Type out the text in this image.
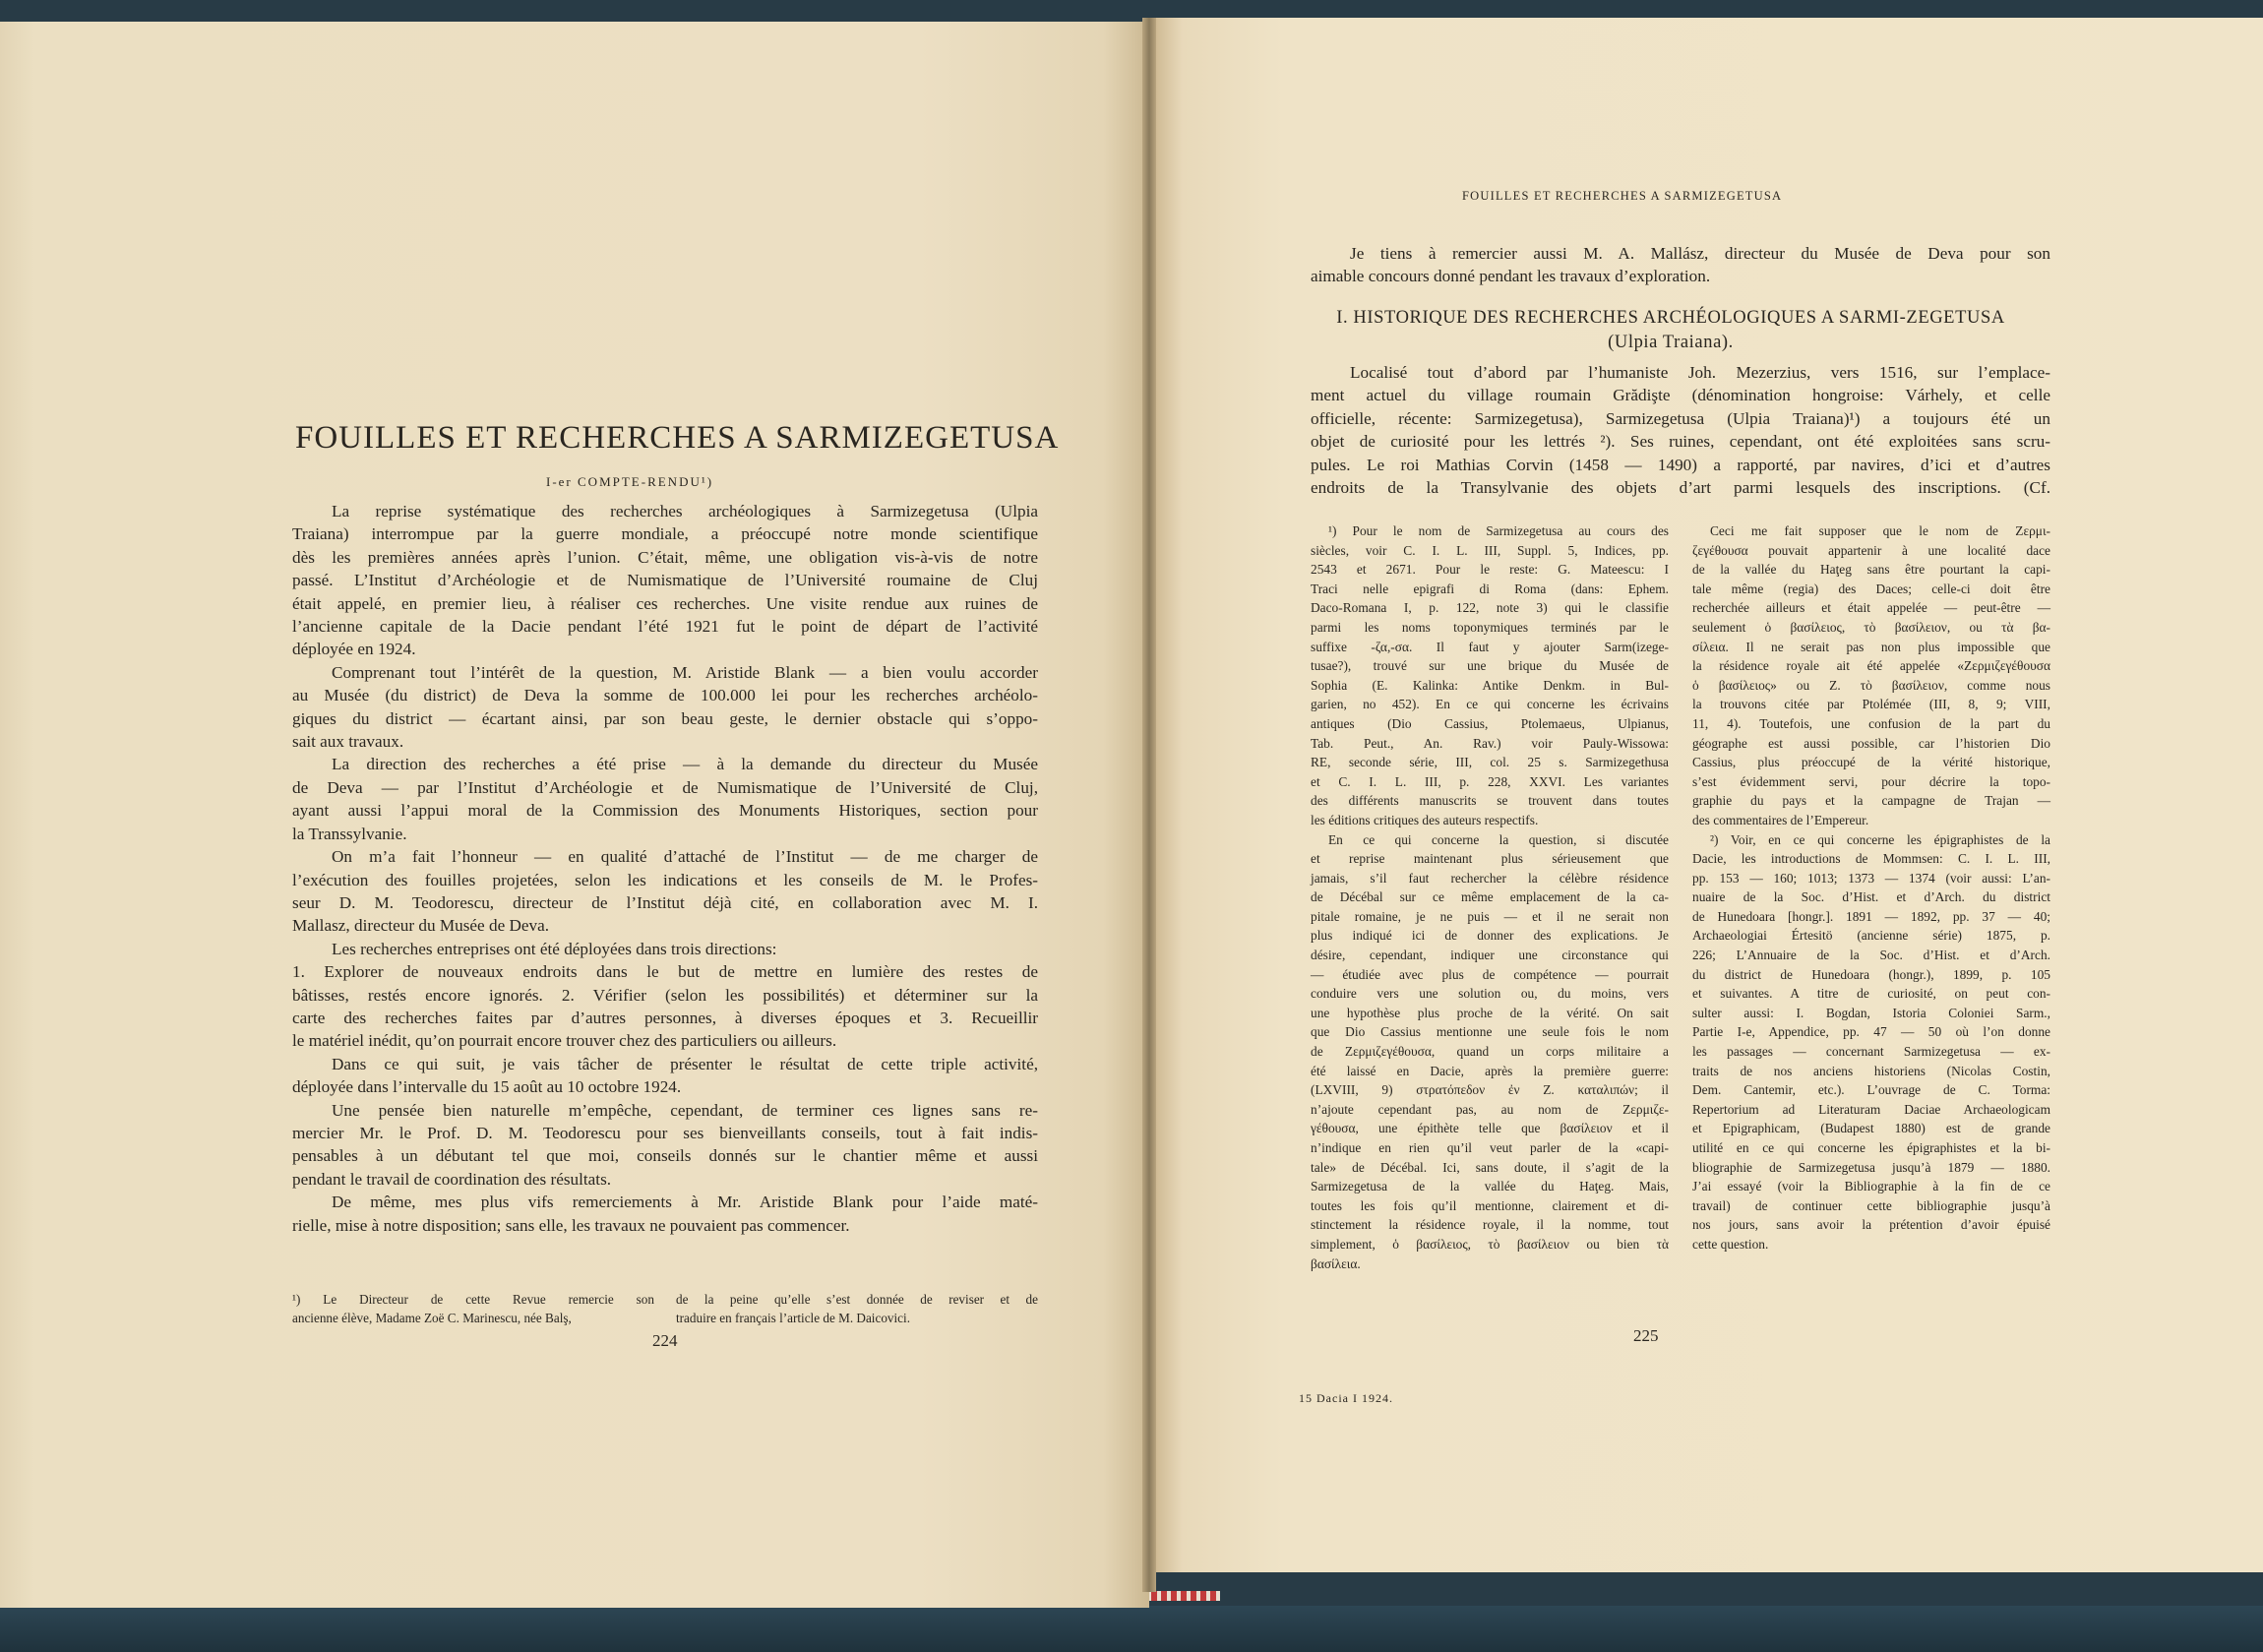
FOUILLES ET RECHERCHES A SARMIZEGETUSA
I-er COMPTE-RENDU¹)

La reprise systématique des recherches archéologiques à Sarmizegetusa (Ulpia
Traiana) interrompue par la guerre mondiale, a préoccupé notre monde scientifique
dès les premières années après l’union. C’était, même, une obligation vis-à-vis de notre
passé. L’Institut d’Archéologie et de Numismatique de l’Université roumaine de Cluj
était appelé, en premier lieu, à réaliser ces recherches. Une visite rendue aux ruines de
l’ancienne capitale de la Dacie pendant l’été 1921 fut le point de départ de l’activité
déployée en 1924.
Comprenant tout l’intérêt de la question, M. Aristide Blank — a bien voulu accorder
au Musée (du district) de Deva la somme de 100.000 lei pour les recherches archéolo-
giques du district — écartant ainsi, par son beau geste, le dernier obstacle qui s’oppo-
sait aux travaux.
La direction des recherches a été prise — à la demande du directeur du Musée
de Deva — par l’Institut d’Archéologie et de Numismatique de l’Université de Cluj,
ayant aussi l’appui moral de la Commission des Monuments Historiques, section pour
la Transsylvanie.
On m’a fait l’honneur — en qualité d’attaché de l’Institut — de me charger de
l’exécution des fouilles projetées, selon les indications et les conseils de M. le Profes-
seur D. M. Teodorescu, directeur de l’Institut déjà cité, en collaboration avec M. I.
Mallasz, directeur du Musée de Deva.
Les recherches entreprises ont été déployées dans trois directions:
1. Explorer de nouveaux endroits dans le but de mettre en lumière des restes de
bâtisses, restés encore ignorés. 2. Vérifier (selon les possibilités) et déterminer sur la
carte des recherches faites par d’autres personnes, à diverses époques et 3. Recueillir
le matériel inédit, qu’on pourrait encore trouver chez des particuliers ou ailleurs.
Dans ce qui suit, je vais tâcher de présenter le résultat de cette triple activité,
déployée dans l’intervalle du 15 août au 10 octobre 1924.
Une pensée bien naturelle m’empêche, cependant, de terminer ces lignes sans re-
mercier Mr. le Prof. D. M. Teodorescu pour ses bienveillants conseils, tout à fait indis-
pensables à un débutant tel que moi, conseils donnés sur le chantier même et aussi
pendant le travail de coordination des résultats.
De même, mes plus vifs remerciements à Mr. Aristide Blank pour l’aide maté-
rielle, mise à notre disposition; sans elle, les travaux ne pouvaient pas commencer.

¹) Le Directeur de cette Revue remercie son
ancienne élève, Madame Zoë C. Marinescu, née Balş,
de la peine qu’elle s’est donnée de reviser et de
traduire en français l’article de M. Daicovici.
224
FOUILLES ET RECHERCHES A SARMIZEGETUSA

Je tiens à remercier aussi M. A. Mallász, directeur du Musée de Deva pour son
aimable concours donné pendant les travaux d’exploration.

I. HISTORIQUE DES RECHERCHES ARCHÉOLOGIQUES A SARMI-ZEGETUSA (Ulpia Traiana).

Localisé tout d’abord par l’humaniste Joh. Mezerzius, vers 1516, sur l’emplace-
ment actuel du village roumain Grădişte (dénomination hongroise: Várhely, et celle
officielle, récente: Sarmizegetusa), Sarmizegetusa (Ulpia Traiana)¹) a toujours été un
objet de curiosité pour les lettrés ²). Ses ruines, cependant, ont été exploitées sans scru-
pules. Le roi Mathias Corvin (1458 — 1490) a rapporté, par navires, d’ici et d’autres
endroits de la Transylvanie des objets d’art parmi lesquels des inscriptions. (Cf.

¹) Pour le nom de Sarmizegetusa au cours des
siècles, voir C. I. L. III, Suppl. 5, Indices, pp.
2543 et 2671. Pour le reste: G. Mateescu: I
Traci nelle epigrafi di Roma (dans: Ephem.
Daco-Romana I, p. 122, note 3) qui le classifie
parmi les noms toponymiques terminés par le
suffixe -ζα,-σα. Il faut y ajouter Sarm(izege-
tusae?), trouvé sur une brique du Musée de
Sophia (E. Kalinka: Antike Denkm. in Bul-
garien, no 452). En ce qui concerne les écrivains
antiques (Dio Cassius, Ptolemaeus, Ulpianus,
Tab. Peut., An. Rav.) voir Pauly-Wissowa:
RE, seconde série, III, col. 25 s. Sarmizegethusa
et C. I. L. III, p. 228, XXVI. Les variantes
des différents manuscrits se trouvent dans toutes
les éditions critiques des auteurs respectifs.
En ce qui concerne la question, si discutée
et reprise maintenant plus sérieusement que
jamais, s’il faut rechercher la célèbre résidence
de Décébal sur ce même emplacement de la ca-
pitale romaine, je ne puis — et il ne serait non
plus indiqué ici de donner des explications. Je
désire, cependant, indiquer une circonstance qui
— étudiée avec plus de compétence — pourrait
conduire vers une solution ou, du moins, vers
une hypothèse plus proche de la vérité. On sait
que Dio Cassius mentionne une seule fois le nom
de Ζερμιζεγέθουσα, quand un corps militaire a
été laissé en Dacie, après la première guerre:
(LXVIII, 9) στρατόπεδον ἐν Ζ. καταλιπών; il
n’ajoute cependant pas, au nom de Ζερμιζε-
γέθουσα, une épithète telle que βασίλειον et il
n’indique en rien qu’il veut parler de la «capi-
tale» de Décébal. Ici, sans doute, il s’agit de la
Sarmizegetusa de la vallée du Haţeg. Mais,
toutes les fois qu’il mentionne, clairement et di-
stinctement la résidence royale, il la nomme, tout
simplement, ὁ βασίλειος, τὸ βασίλειον ou bien τὰ
βασίλεια.
Ceci me fait supposer que le nom de Ζερμι-
ζεγέθουσα pouvait appartenir à une localité dace
de la vallée du Haţeg sans être pourtant la capi-
tale même (regia) des Daces; celle-ci doit être
recherchée ailleurs et était appelée — peut-être —
seulement ὁ βασίλειος, τὸ βασίλειον, ou τὰ βα-
σίλεια. Il ne serait pas non plus impossible que
la résidence royale ait été appelée «Ζερμιζεγέθουσα
ὁ βασίλειος» ou Ζ. τὸ βασίλειον, comme nous
la trouvons citée par Ptolémée (III, 8, 9; VIII,
11, 4). Toutefois, une confusion de la part du
géographe est aussi possible, car l’historien Dio
Cassius, plus préoccupé de la vérité historique,
s’est évidemment servi, pour décrire la topo-
graphie du pays et la campagne de Trajan —
des commentaires de l’Empereur.
²) Voir, en ce qui concerne les épigraphistes de la
Dacie, les introductions de Mommsen: C. I. L. III,
pp. 153 — 160; 1013; 1373 — 1374 (voir aussi: L’an-
nuaire de la Soc. d’Hist. et d’Arch. du district
de Hunedoara [hongr.]. 1891 — 1892, pp. 37 — 40;
Archaeologiai Értesitö (ancienne série) 1875, p.
226; L’Annuaire de la Soc. d’Hist. et d’Arch.
du district de Hunedoara (hongr.), 1899, p. 105
et suivantes. A titre de curiosité, on peut con-
sulter aussi: I. Bogdan, Istoria Coloniei Sarm.,
Partie I-e, Appendice, pp. 47 — 50 où l’on donne
les passages — concernant Sarmizegetusa — ex-
traits de nos anciens historiens (Nicolas Costin,
Dem. Cantemir, etc.). L’ouvrage de C. Torma:
Repertorium ad Literaturam Daciae Archaeologicam
et Epigraphicam, (Budapest 1880) est de grande
utilité en ce qui concerne les épigraphistes et la bi-
bliographie de Sarmizegetusa jusqu’à 1879 — 1880.
J’ai essayé (voir la Bibliographie à la fin de ce
travail) de continuer cette bibliographie jusqu’à
nos jours, sans avoir la prétention d’avoir épuisé
cette question.
225
15 Dacia I 1924.
